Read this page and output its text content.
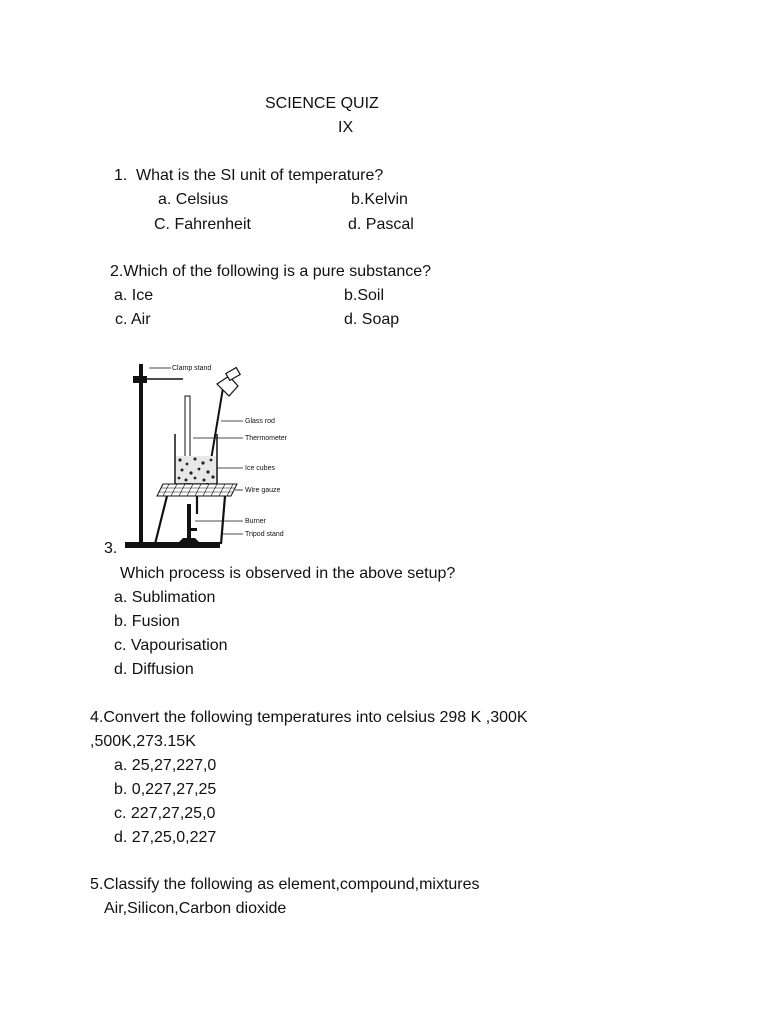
SCIENCE QUIZ
IX
1. What is the SI unit of temperature?
a. Celsius	b.Kelvin
C. Fahrenheit	d. Pascal
2.Which of the following is a pure substance?
a. Ice	b.Soil
c. Air	d. Soap
Clamp stand
Glass rod
Thermometer
Ice cubes
Wire gauze
Burner
Tripod stand
3.
Which process is observed in the above setup?
a. Sublimation
b. Fusion
c. Vapourisation
d. Diffusion
4.Convert the following temperatures into celsius 298 K ,300K
,500K,273.15K
a. 25,27,227,0
b. 0,227,27,25
c. 227,27,25,0
d. 27,25,0,227
5.Classify the following as element,compound,mixtures
Air,Silicon,Carbon dioxide
